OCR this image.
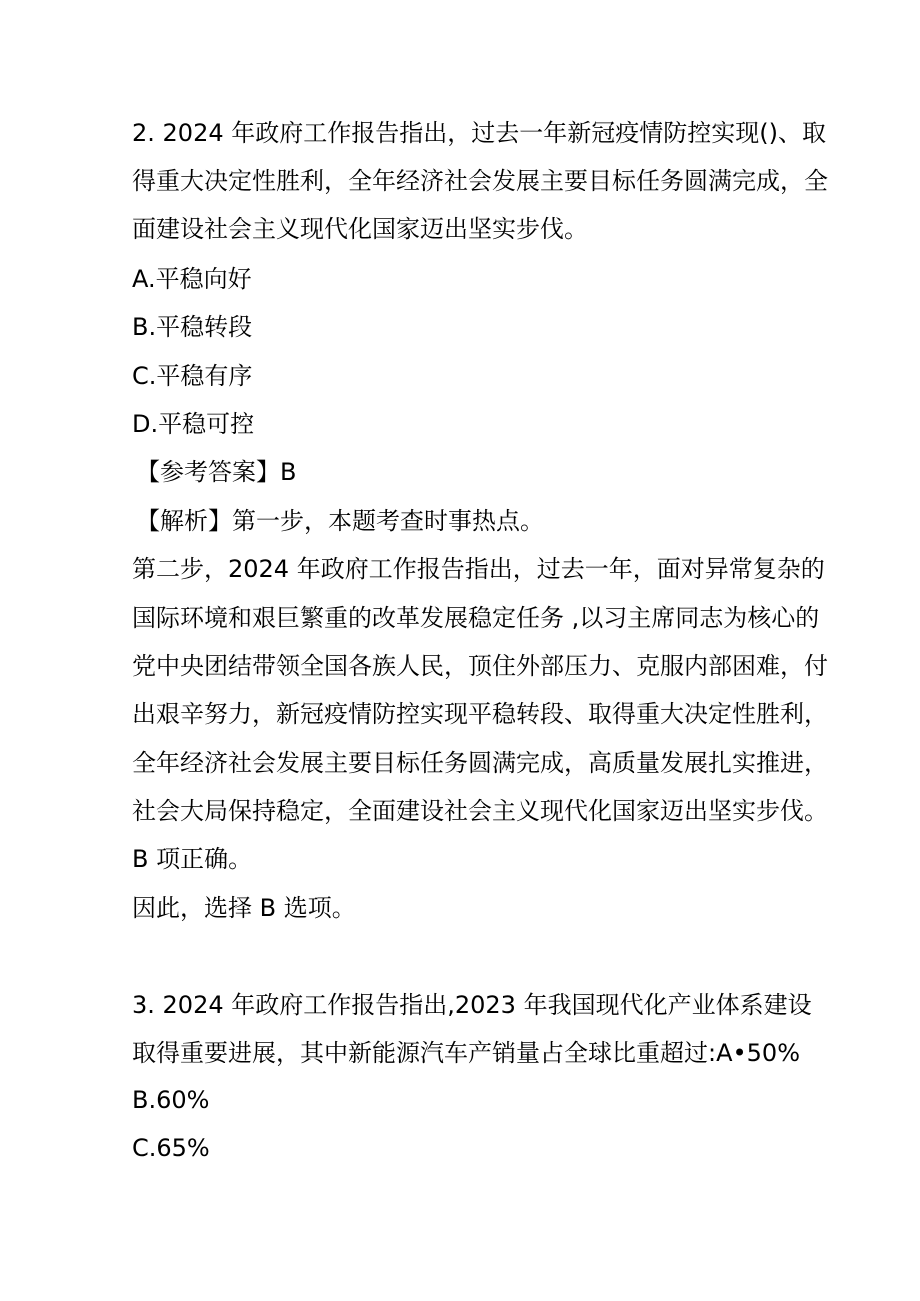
2. 2024 年政府工作报告指出，过去一年新冠疫情防控实现()、取
得重大决定性胜利，全年经济社会发展主要目标任务圆满完成，全
面建设社会主义现代化国家迈出坚实步伐。
A.平稳向好
B.平稳转段
C.平稳有序
D.平稳可控
【参考答案】B
【解析】第一步，本题考查时事热点。
第二步，2024 年政府工作报告指出，过去一年，面对异常复杂的
国际环境和艰巨繁重的改革发展稳定任务 ,以习主席同志为核心的
党中央团结带领全国各族人民，顶住外部压力、克服内部困难，付
出艰辛努力，新冠疫情防控实现平稳转段、取得重大决定性胜利，
全年经济社会发展主要目标任务圆满完成，高质量发展扎实推进，
社会大局保持稳定，全面建设社会主义现代化国家迈出坚实步伐。
B 项正确。
因此，选择 B 选项。
3. 2024 年政府工作报告指出,2023 年我国现代化产业体系建设
取得重要进展，其中新能源汽车产销量占全球比重超过:A•50%
B.60%
C.65%
